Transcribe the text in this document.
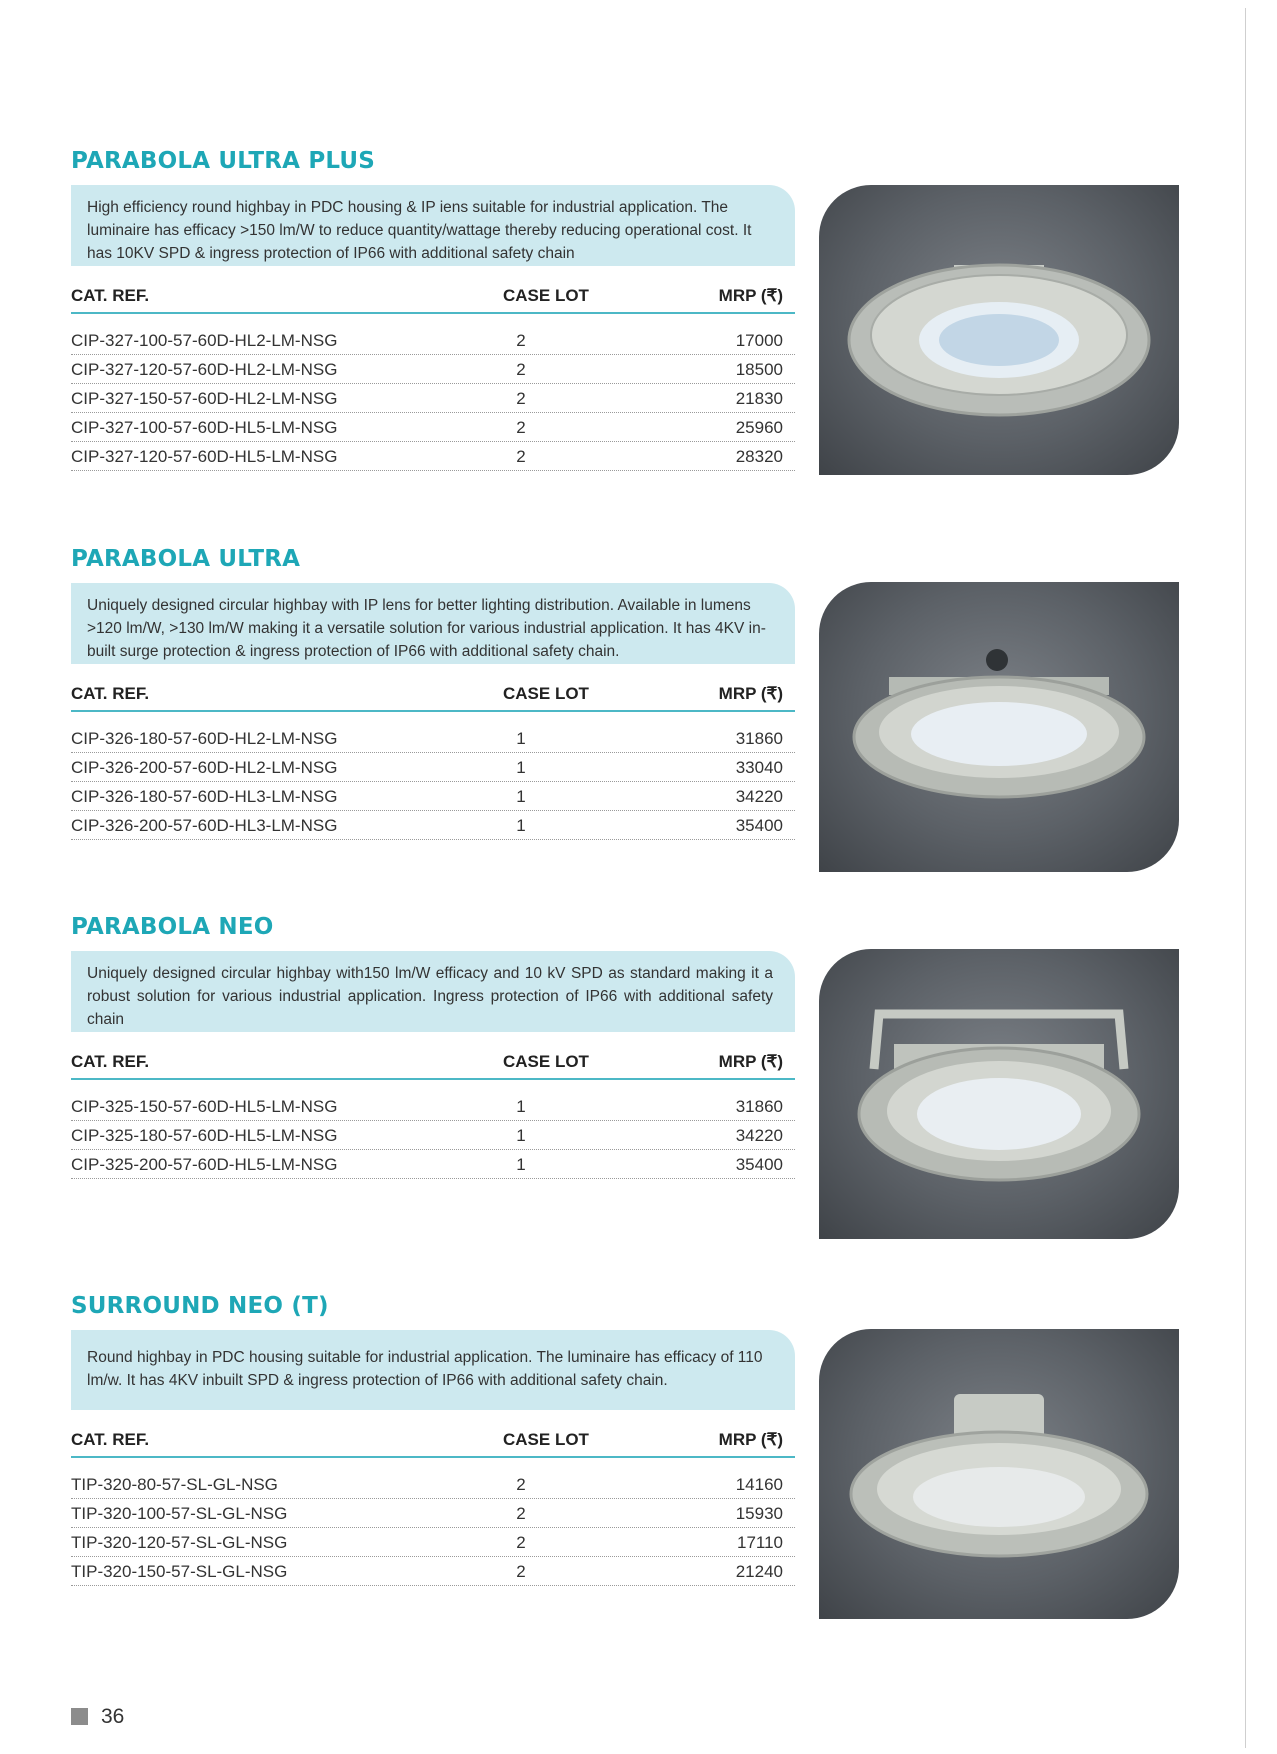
PARABOLA ULTRA PLUS
High efficiency round highbay in PDC housing & IP iens suitable for industrial application. The luminaire has efficacy >150 lm/W to reduce quantity/wattage thereby reducing operational cost. It has 10KV SPD & ingress protection of IP66 with additional safety chain
CAT. REF.	CASE LOT	MRP (₹)
CIP-327-100-57-60D-HL2-LM-NSG	2	17000
CIP-327-120-57-60D-HL2-LM-NSG	2	18500
CIP-327-150-57-60D-HL2-LM-NSG	2	21830
CIP-327-100-57-60D-HL5-LM-NSG	2	25960
CIP-327-120-57-60D-HL5-LM-NSG	2	28320
PARABOLA ULTRA
Uniquely designed circular highbay with IP lens for better lighting distribution. Available in lumens >120 lm/W, >130 lm/W making it a versatile solution for various industrial application. It has 4KV in-built surge protection & ingress protection of IP66 with additional safety chain.
CAT. REF.	CASE LOT	MRP (₹)
CIP-326-180-57-60D-HL2-LM-NSG	1	31860
CIP-326-200-57-60D-HL2-LM-NSG	1	33040
CIP-326-180-57-60D-HL3-LM-NSG	1	34220
CIP-326-200-57-60D-HL3-LM-NSG	1	35400
PARABOLA NEO
Uniquely designed circular highbay with150 lm/W efficacy and 10 kV SPD as standard making it a robust solution for various industrial application. Ingress protection of IP66 with additional safety chain
CAT. REF.	CASE LOT	MRP (₹)
CIP-325-150-57-60D-HL5-LM-NSG	1	31860
CIP-325-180-57-60D-HL5-LM-NSG	1	34220
CIP-325-200-57-60D-HL5-LM-NSG	1	35400
SURROUND NEO (T)
Round highbay in PDC housing suitable for industrial application. The luminaire has efficacy of 110 lm/w. It has 4KV inbuilt SPD & ingress protection of IP66 with additional safety chain.
CAT. REF.	CASE LOT	MRP (₹)
TIP-320-80-57-SL-GL-NSG	2	14160
TIP-320-100-57-SL-GL-NSG	2	15930
TIP-320-120-57-SL-GL-NSG	2	17110
TIP-320-150-57-SL-GL-NSG	2	21240
36
